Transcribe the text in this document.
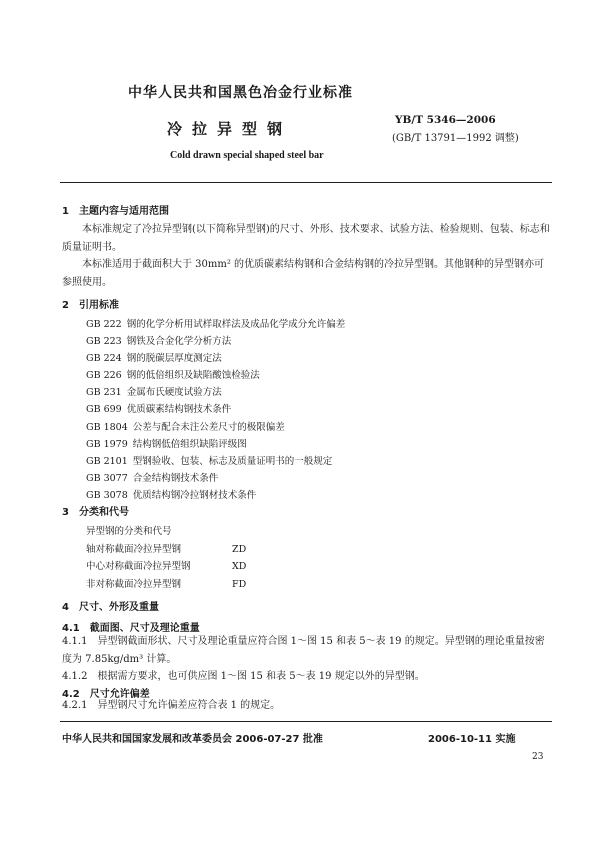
中华人民共和国黑色冶金行业标准
冷拉异型钢	YB/T 5346—2006
(GB/T 13791—1992 调整)
Cold drawn special shaped steel bar
1　主题内容与适用范围
本标准规定了冷拉异型钢(以下简称异型钢)的尺寸、外形、技术要求、试验方法、检验规则、包装、标志和质量证明书。
本标准适用于截面积大于 30mm² 的优质碳素结构钢和合金结构钢的冷拉异型钢。其他钢种的异型钢亦可参照使用。
2　引用标准
GB 222 钢的化学分析用试样取样法及成品化学成分允许偏差
GB 223 钢铁及合金化学分析方法
GB 224 钢的脱碳层厚度测定法
GB 226 钢的低倍组织及缺陷酸蚀检验法
GB 231 金属布氏硬度试验方法
GB 699 优质碳素结构钢技术条件
GB 1804 公差与配合未注公差尺寸的极限偏差
GB 1979 结构钢低倍组织缺陷评级图
GB 2101 型钢验收、包装、标志及质量证明书的一般规定
GB 3077 合金结构钢技术条件
GB 3078 优质结构钢冷拉钢材技术条件
3　分类和代号
异型钢的分类和代号
轴对称截面冷拉异型钢	ZD
中心对称截面冷拉异型钢	XD
非对称截面冷拉异型钢	FD
4　尺寸、外形及重量
4.1　截面图、尺寸及理论重量
4.1.1　异型钢截面形状、尺寸及理论重量应符合图 1～图 15 和表 5～表 19 的规定。异型钢的理论重量按密度为 7.85kg/dm³ 计算。
4.1.2　根据需方要求，也可供应图 1～图 15 和表 5～表 19 规定以外的异型钢。
4.2　尺寸允许偏差
4.2.1　异型钢尺寸允许偏差应符合表 1 的规定。
中华人民共和国国家发展和改革委员会 2006-07-27 批准	2006-10-11 实施
23
